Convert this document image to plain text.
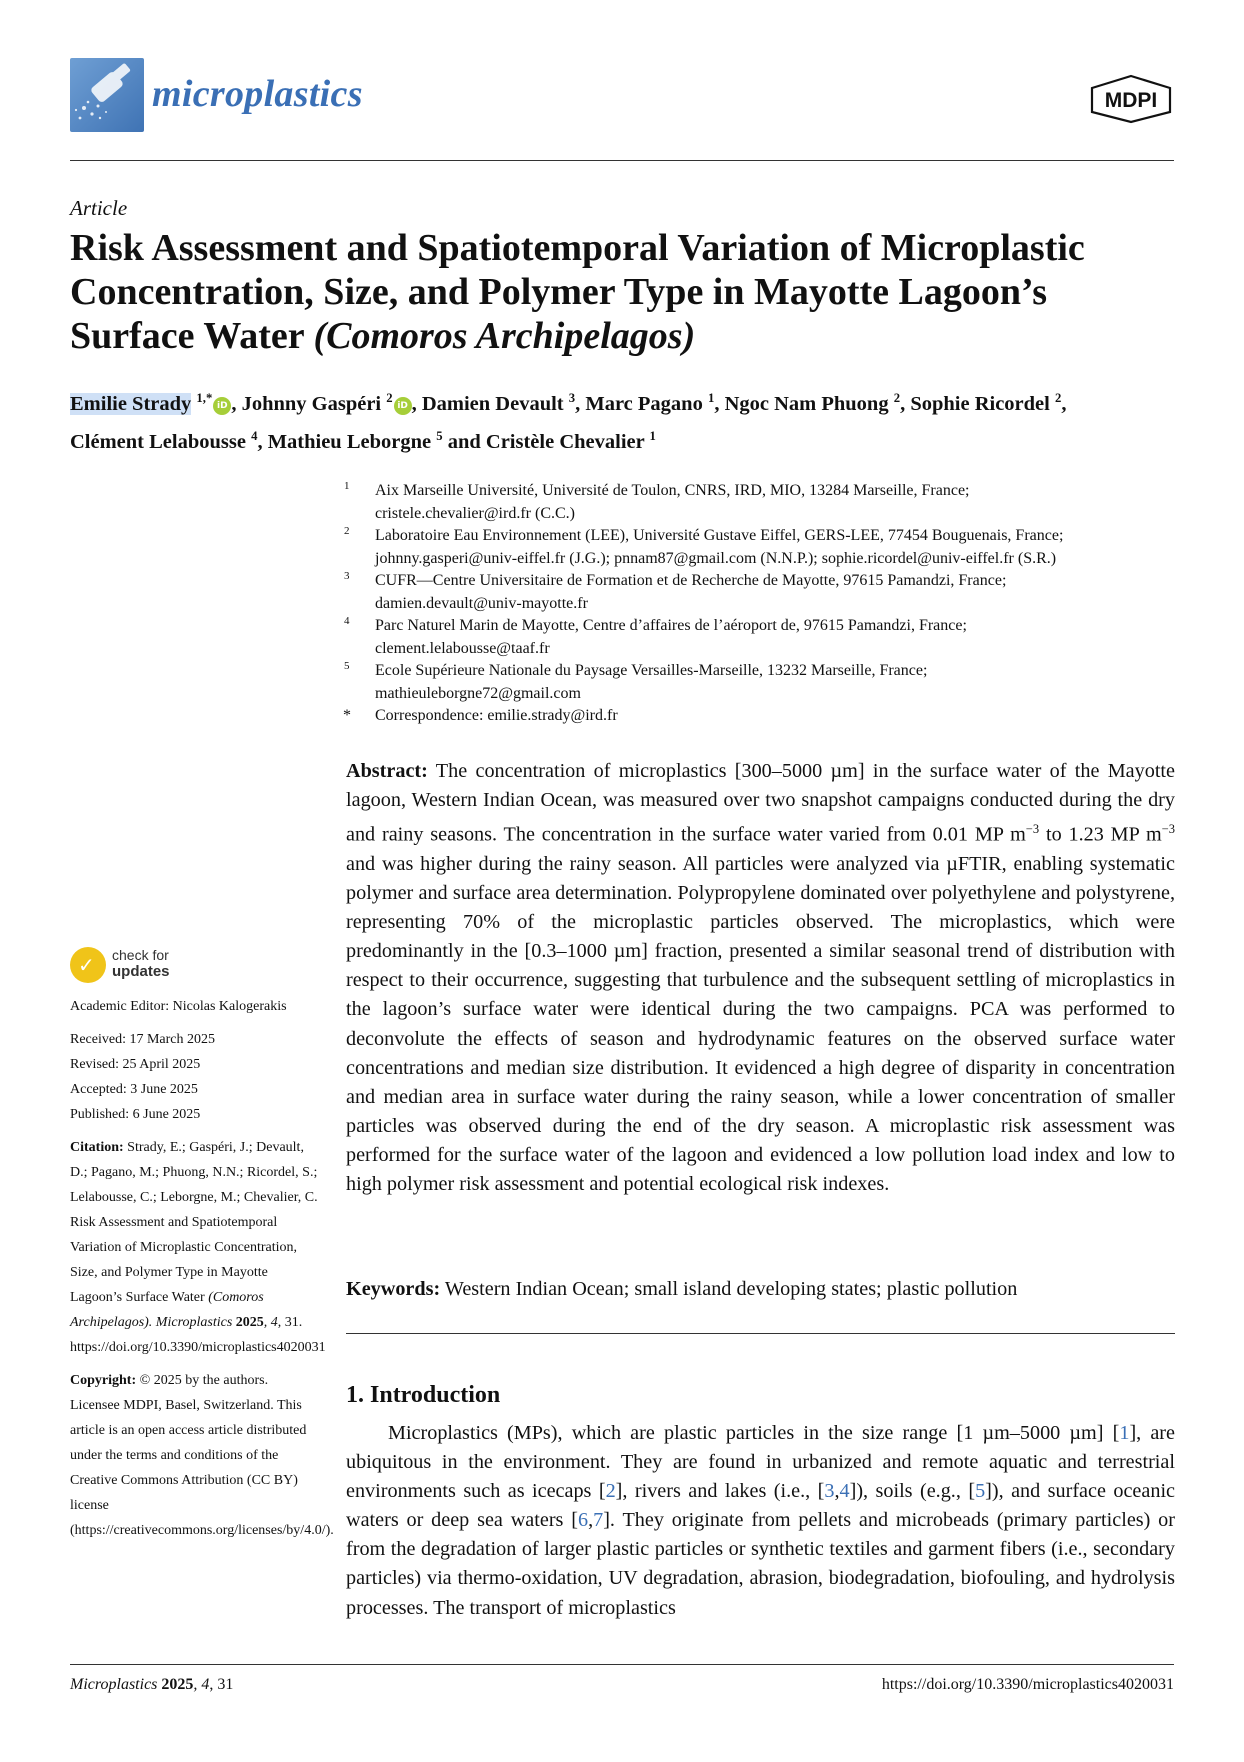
microplastics	MDPI
Article
Risk Assessment and Spatiotemporal Variation of Microplastic Concentration, Size, and Polymer Type in Mayotte Lagoon’s Surface Water (Comoros Archipelagos)
Emilie Strady $^{1,*}$iD , Johnny Gaspéri $^2$iD , Damien Devault $^3$, Marc Pagano $^1$, Ngoc Nam Phuong $^2$, Sophie Ricordel $^2$,
Clément Lelabousse $^4$, Mathieu Leborgne $^5$ and Cristèle Chevalier $^1$
1 Aix Marseille Université, Université de Toulon, CNRS, IRD, MIO, 13284 Marseille, France;
cristele.chevalier@ird.fr (C.C.)
2 Laboratoire Eau Environnement (LEE), Université Gustave Eiffel, GERS-LEE, 77454 Bouguenais, France;
johnny.gasperi@univ-eiffel.fr (J.G.); pnnam87@gmail.com (N.N.P.); sophie.ricordel@univ-eiffel.fr (S.R.)
3 CUFR—Centre Universitaire de Formation et de Recherche de Mayotte, 97615 Pamandzi, France;
damien.devault@univ-mayotte.fr
4 Parc Naturel Marin de Mayotte, Centre d’affaires de l’aéroport de, 97615 Pamandzi, France;
clement.lelabousse@taaf.fr
5 Ecole Supérieure Nationale du Paysage Versailles-Marseille, 13232 Marseille, France;
mathieuleborgne72@gmail.com
* Correspondence: emilie.strady@ird.fr
Abstract: The concentration of microplastics [300–5000 µm] in the surface water of the Mayotte lagoon, Western Indian Ocean, was measured over two snapshot campaigns conducted during the dry and rainy seasons. The concentration in the surface water varied from 0.01 MP $m^{-3}$ to 1.23 MP $m^{-3}$ and was higher during the rainy season. All particles were analyzed via µFTIR, enabling systematic polymer and surface area determination. Polypropylene dominated over polyethylene and polystyrene, representing 70% of the microplastic particles observed. The microplastics, which were predominantly in the [0.3–1000 µm] fraction, presented a similar seasonal trend of distribution with respect to their occurrence, suggesting that turbulence and the subsequent settling of microplastics in the lagoon’s surface water were identical during the two campaigns. PCA was performed to deconvolute the effects of season and hydrodynamic features on the observed surface water concentrations and median size distribution. It evidenced a high degree of disparity in concentration and median area in surface water during the rainy season, while a lower concentration of smaller particles was observed during the end of the dry season. A microplastic risk assessment was performed for the surface water of the lagoon and evidenced a low pollution load index and low to high polymer risk assessment and potential ecological risk indexes.
Keywords: Western Indian Ocean; small island developing states; plastic pollution
1. Introduction
Microplastics (MPs), which are plastic particles in the size range [1 µm–5000 µm] [1], are ubiquitous in the environment. They are found in urbanized and remote aquatic and terrestrial environments such as icecaps [2], rivers and lakes (i.e., [3,4]), soils (e.g., [5]), and surface oceanic waters or deep sea waters [6,7]. They originate from pellets and microbeads (primary particles) or from the degradation of larger plastic particles or synthetic textiles and garment fibers (i.e., secondary particles) via thermo-oxidation, UV degradation, abrasion, biodegradation, biofouling, and hydrolysis processes. The transport of microplastics
✓ check for
updates
Academic Editor: Nicolas Kalogerakis
Received: 17 March 2025
Revised: 25 April 2025
Accepted: 3 June 2025
Published: 6 June 2025
Citation: Strady, E.; Gaspéri, J.; Devault, D.; Pagano, M.; Phuong, N.N.; Ricordel, S.; Lelabousse, C.; Leborgne, M.; Chevalier, C. Risk Assessment and Spatiotemporal Variation of Microplastic Concentration, Size, and Polymer Type in Mayotte Lagoon’s Surface Water (Comoros Archipelagos). Microplastics 2025, 4, 31. https://doi.org/10.3390/microplastics4020031
Copyright: © 2025 by the authors. Licensee MDPI, Basel, Switzerland. This article is an open access article distributed under the terms and conditions of the Creative Commons Attribution (CC BY) license (https://creativecommons.org/licenses/by/4.0/).
Microplastics 2025, 4, 31	https://doi.org/10.3390/microplastics4020031
